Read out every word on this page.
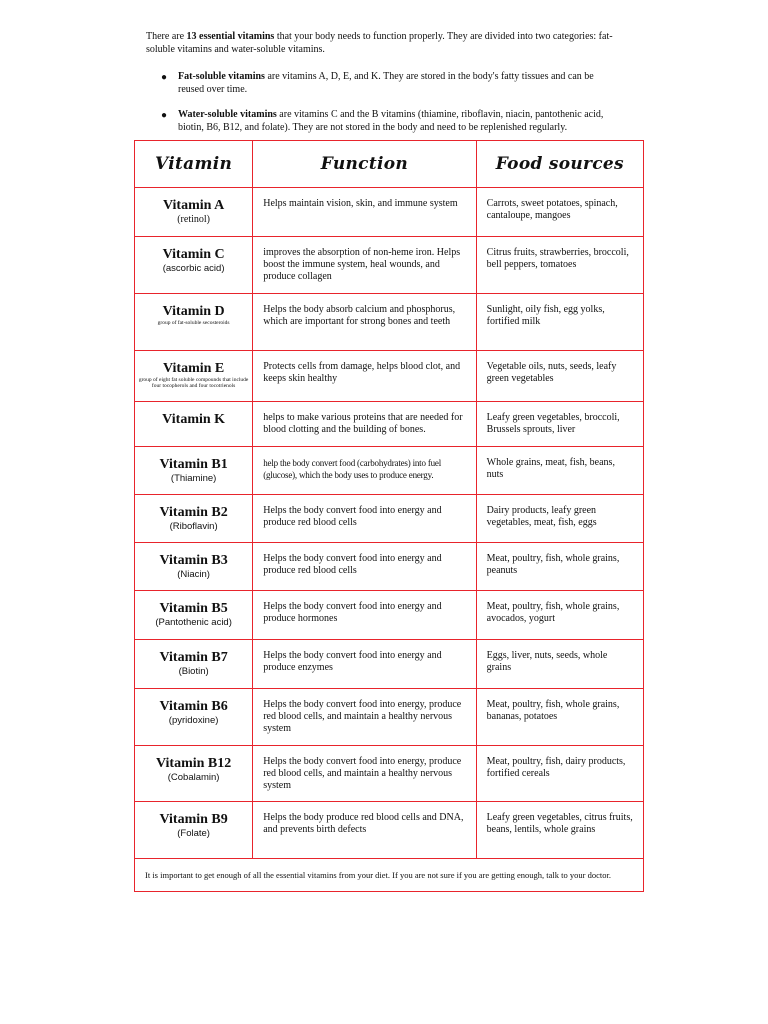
There are 13 essential vitamins that your body needs to function properly. They are divided into two categories: fat-soluble vitamins and water-soluble vitamins.

● Fat-soluble vitamins are vitamins A, D, E, and K. They are stored in the body's fatty tissues and can be reused over time.
● Water-soluble vitamins are vitamins C and the B vitamins (thiamine, riboflavin, niacin, pantothenic acid, biotin, B6, B12, and folate). They are not stored in the body and need to be replenished regularly.
Vitamin	Function	Food sources

Vitamin A
(retinol)	Helps maintain vision, skin, and immune system	Carrots, sweet potatoes, spinach, cantaloupe, mangoes

Vitamin C
(ascorbic acid)	improves the absorption of non-heme iron. Helps boost the immune system, heal wounds, and produce collagen	Citrus fruits, strawberries, broccoli, bell peppers, tomatoes

Vitamin D
group of fat-soluble secosteroids	Helps the body absorb calcium and phosphorus, which are important for strong bones and teeth	Sunlight, oily fish, egg yolks, fortified milk

Vitamin E
group of eight fat soluble compounds that include four tocopherols and four tocotrienols	Protects cells from damage, helps blood clot, and keeps skin healthy	Vegetable oils, nuts, seeds, leafy green vegetables

Vitamin K	helps to make various proteins that are needed for blood clotting and the building of bones.	Leafy green vegetables, broccoli, Brussels sprouts, liver

Vitamin B1
(Thiamine)	help the body convert food (carbohydrates) into fuel (glucose), which the body uses to produce energy.	Whole grains, meat, fish, beans, nuts

Vitamin B2
(Riboflavin)	Helps the body convert food into energy and produce red blood cells	Dairy products, leafy green vegetables, meat, fish, eggs

Vitamin B3
(Niacin)	Helps the body convert food into energy and produce red blood cells	Meat, poultry, fish, whole grains, peanuts

Vitamin B5
(Pantothenic acid)	Helps the body convert food into energy and produce hormones	Meat, poultry, fish, whole grains, avocados, yogurt

Vitamin B7
(Biotin)	Helps the body convert food into energy and produce enzymes	Eggs, liver, nuts, seeds, whole grains

Vitamin B6
(pyridoxine)	Helps the body convert food into energy, produce red blood cells, and maintain a healthy nervous system	Meat, poultry, fish, whole grains, bananas, potatoes

Vitamin B12
(Cobalamin)	Helps the body convert food into energy, produce red blood cells, and maintain a healthy nervous system	Meat, poultry, fish, dairy products, fortified cereals

Vitamin B9
(Folate)	Helps the body produce red blood cells and DNA, and prevents birth defects	Leafy green vegetables, citrus fruits, beans, lentils, whole grains
It is important to get enough of all the essential vitamins from your diet. If you are not sure if you are getting enough, talk to your doctor.		
